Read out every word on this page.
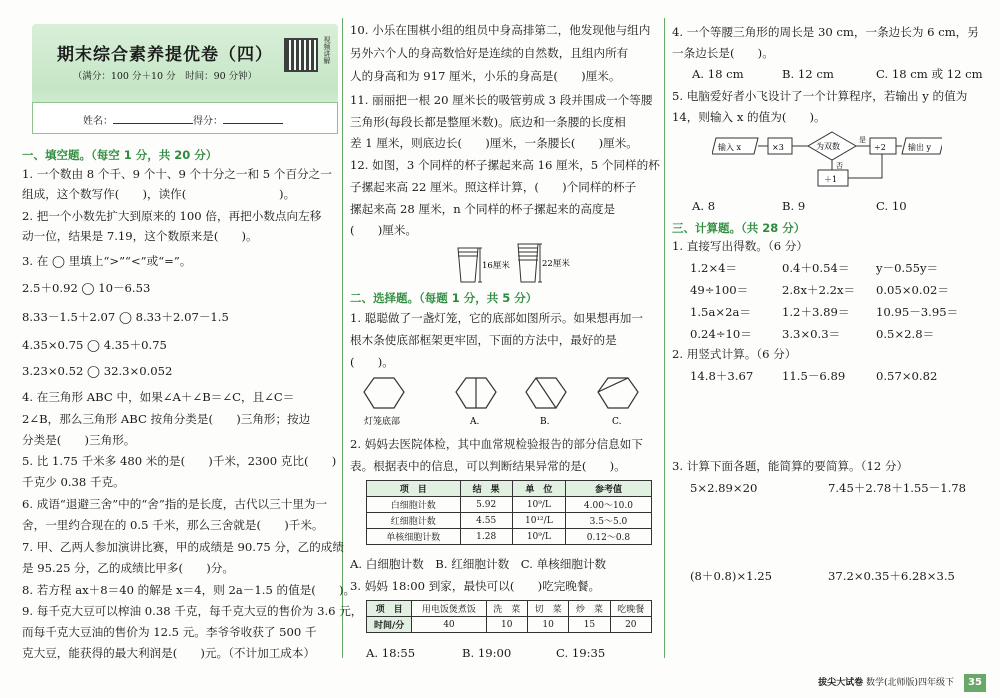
期末综合素养提优卷（四）
（满分：100 分＋10 分　时间：90 分钟）
视频讲解
姓名：	得分：
一、填空题。（每空 1 分，共 20 分）
1. 一个数由 8 个千、9 个十、9 个十分之一和 5 个百分之一
组成，这个数写作(　　)，读作(　　　　　　　　)。
2. 把一个小数先扩大到原来的 100 倍，再把小数点向左移
动一位，结果是 7.19，这个数原来是(　　)。
3. 在 ◯ 里填上“>”“<”或“=”。
2.5＋0.92 ◯ 10－6.53
8.33－1.5＋2.07 ◯ 8.33＋2.07－1.5
4.35×0.75 ◯ 4.35＋0.75
3.23×0.52 ◯ 32.3×0.052
4. 在三角形 ABC 中，如果∠A＋∠B＝∠C，且∠C＝
2∠B，那么三角形 ABC 按角分类是(　　)三角形；按边
分类是(　　)三角形。
5. 比 1.75 千米多 480 米的是(　　)千米，2300 克比(　　)
千克少 0.38 千克。
6. 成语“退避三舍”中的“舍”指的是长度，古代以三十里为一
舍，一里约合现在的 0.5 千米，那么三舍就是(　　)千米。
7. 甲、乙两人参加演讲比赛，甲的成绩是 90.75 分，乙的成绩
是 95.25 分，乙的成绩比甲多(　　)分。
8. 若方程 ax＋8＝40 的解是 x＝4，则 2a－1.5 的值是(　　)。
9. 每千克大豆可以榨油 0.38 千克，每千克大豆的售价为 3.6 元，
而每千克大豆油的售价为 12.5 元。李爷爷收获了 500 千
克大豆，能获得的最大利润是(　　)元。（不计加工成本）
10. 小乐在围棋小组的组员中身高排第二，他发现他与组内
另外六个人的身高数恰好是连续的自然数，且组内所有
人的身高和为 917 厘米，小乐的身高是(　　)厘米。
11. 丽丽把一根 20 厘米长的吸管剪成 3 段并围成一个等腰
三角形(每段长都是整厘米数)。底边和一条腰的长度相
差 1 厘米，则底边长(　　)厘米，一条腰长(　　)厘米。
12. 如图，3 个同样的杯子摞起来高 16 厘米，5 个同样的杯
子摞起来高 22 厘米。照这样计算，(　　)个同样的杯子
摞起来高 28 厘米，n 个同样的杯子摞起来的高度是
(　　)厘米。
16厘米	22厘米
二、选择题。（每题 1 分，共 5 分）
1. 聪聪做了一盏灯笼，它的底部如图所示。如果想再加一
根木条使底部框架更牢固，下面的方法中，最好的是
(　　)。
灯笼底部	A.	B.	C.
2. 妈妈去医院体检，其中血常规检验报告的部分信息如下
表。根据表中的信息，可以判断结果异常的是(　　)。
项　目	结　果	单　位	参考值
白细胞计数	5.92	10⁹/L	4.00～10.0
红细胞计数	4.55	10¹²/L	3.5～5.0
单核细胞计数	1.28	10⁹/L	0.12～0.8
A. 白细胞计数　B. 红细胞计数　C. 单核细胞计数
3. 妈妈 18:00 到家，最快可以(　　)吃完晚餐。
项　目	用电饭煲煮饭	洗　菜	切　菜	炒　菜	吃晚餐
时间/分	40	10	10	15	20
A. 18:55	B. 19:00	C. 19:35
4. 一个等腰三角形的周长是 30 cm，一条边长为 6 cm，另
一条边长是(　　)。
A. 18 cm	B. 12 cm	C. 18 cm 或 12 cm
5. 电脑爱好者小飞设计了一个计算程序，若输出 y 的值为
14，则输入 x 的值为(　　)。
输入 x	×3	为双数
是
否
÷2	输出 y
＋1
A. 8	B. 9	C. 10
三、计算题。（共 28 分）
1. 直接写出得数。（6 分）
1.2×4＝	0.4＋0.54＝	y－0.55y＝
49÷100＝	2.8x＋2.2x＝	0.05×0.02＝
1.5a×2a＝	1.2＋3.89＝	10.95－3.95＝
0.24÷10＝	3.3×0.3＝	0.5×2.8＝
2. 用竖式计算。（6 分）
14.8＋3.67	11.5－6.89	0.57×0.82
3. 计算下面各题，能简算的要简算。（12 分）
5×2.89×20	7.45＋2.78＋1.55－1.78
(8＋0.8)×1.25	37.2×0.35＋6.28×3.5
拔尖大试卷 数学(北师版)四年级下	35
